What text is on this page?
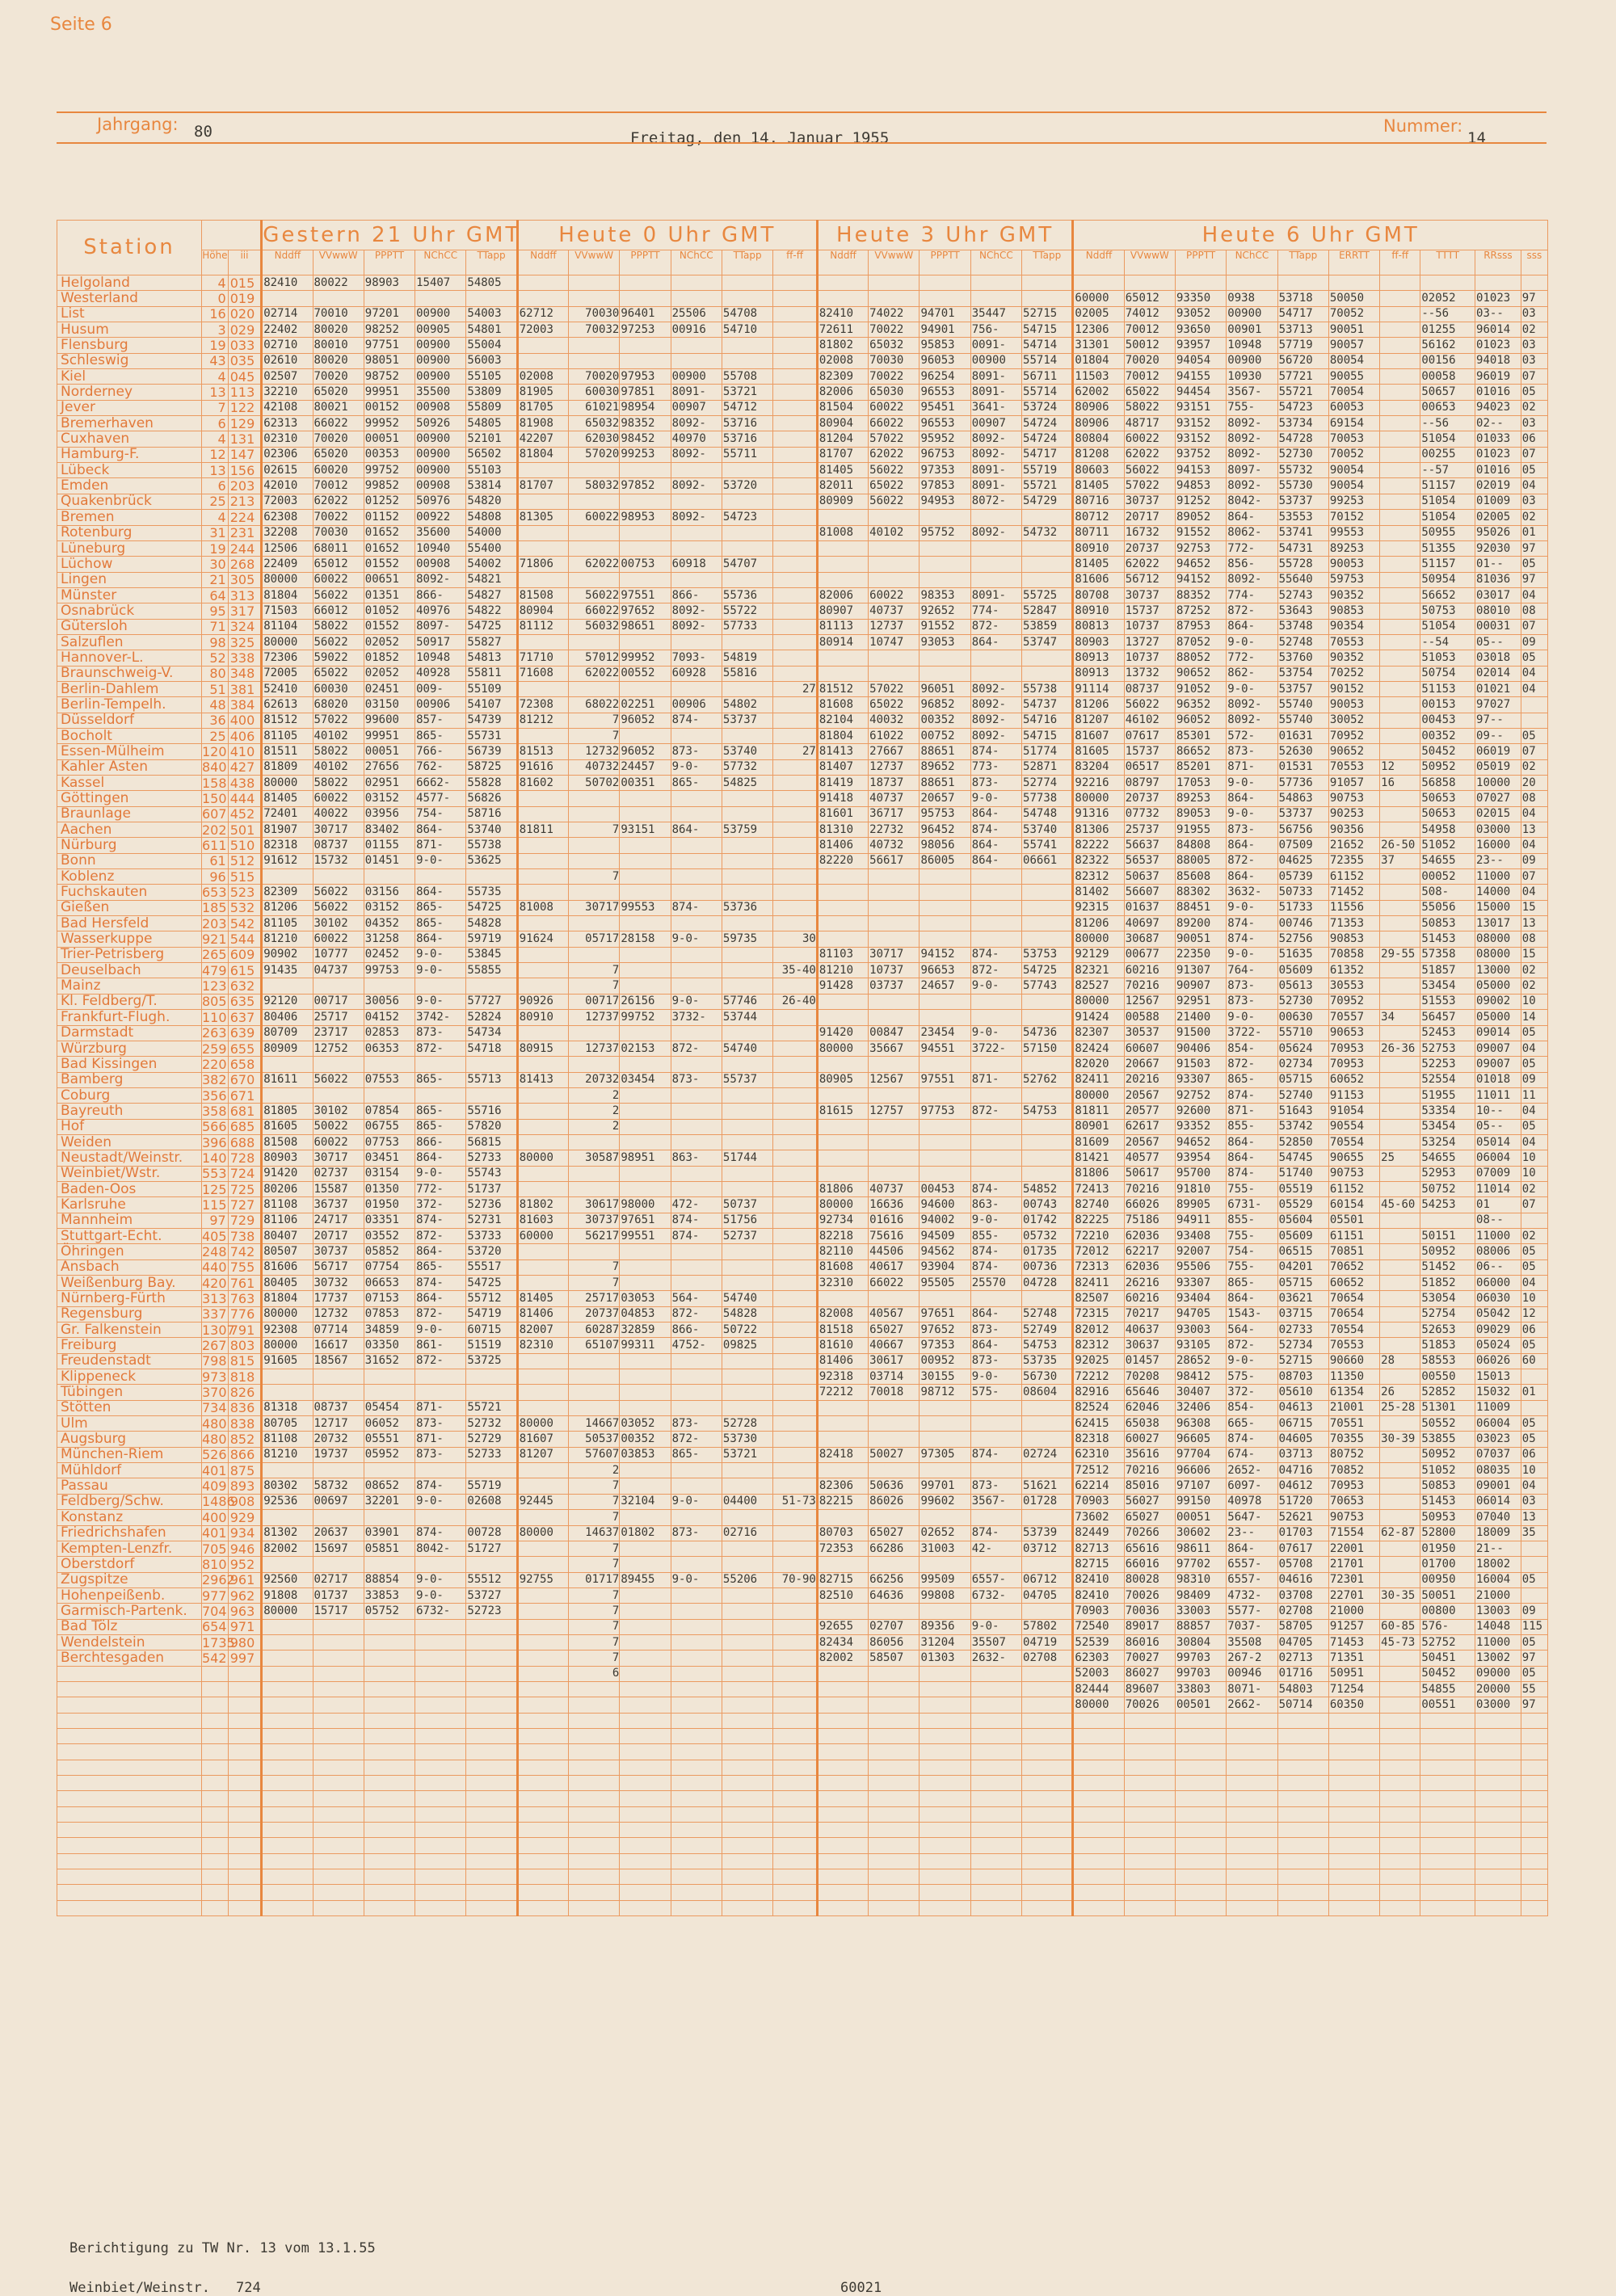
Seite 6
Jahrgang: 80	Freitag, den 14. Januar 1955
Nummer:
14
Station			Gestern 21 Uhr GMT					Heute 0 Uhr GMT						Heute 3 Uhr GMT					Heute 6 Uhr GMT									
	Höhe	iii	Nddff	VVwwW	PPPTT	NChCC	TTapp	Nddff	VVwwW	PPPTT	NChCC	TTapp	ff-ff	Nddff	VVwwW	PPPTT	NChCC	TTapp	Nddff	VVwwW	PPPTT	NChCC	TTapp	ERRTT	ff-ff	TTTT	RRsss	sss
Helgoland	4	015	82410	80022	98903	15407	54805																					
Westerland	0	019																	60000	65012	93350	0938	53718	50050		02052	01023	97
List	16	020	02714	70010	97201	00900	54003	62712	70030	96401	25506	54708		82410	74022	94701	35447	52715	02005	74012	93052	00900	54717	70052		--56	03--	03
Husum	3	029	22402	80020	98252	00905	54801	72003	70032	97253	00916	54710		72611	70022	94901	756-	54715	12306	70012	93650	00901	53713	90051		01255	96014	02
Flensburg	19	033	02710	80010	97751	00900	55004							81802	65032	95853	0091-	54714	31301	50012	93957	10948	57719	90057		56162	01023	03
Schleswig	43	035	02610	80020	98051	00900	56003							02008	70030	96053	00900	55714	01804	70020	94054	00900	56720	80054		00156	94018	03
Kiel	4	045	02507	70020	98752	00900	55105	02008	70020	97953	00900	55708		82309	70022	96254	8091-	56711	11503	70012	94155	10930	57721	90055		00058	96019	07
Norderney	13	113	32210	65020	99951	35500	53809	81905	60030	97851	8091-	53721		82006	65030	96553	8091-	55714	62002	65022	94454	3567-	55721	70054		50657	01016	05
Jever	7	122	42108	80021	00152	00908	55809	81705	61021	98954	00907	54712		81504	60022	95451	3641-	53724	80906	58022	93151	755-	54723	60053		00653	94023	02
Bremerhaven	6	129	62313	66022	99952	50926	54805	81908	65032	98352	8092-	53716		80904	66022	96553	00907	54724	80906	48717	93152	8092-	53734	69154		--56	02--	03
Cuxhaven	4	131	02310	70020	00051	00900	52101	42207	62030	98452	40970	53716		81204	57022	95952	8092-	54724	80804	60022	93152	8092-	54728	70053		51054	01033	06
Hamburg-F.	12	147	02306	65020	00353	00900	56502	81804	57020	99253	8092-	55711		81707	62022	96753	8092-	54717	81208	62022	93752	8092-	52730	70052		00255	01023	07
Lübeck	13	156	02615	60020	99752	00900	55103							81405	56022	97353	8091-	55719	80603	56022	94153	8097-	55732	90054		--57	01016	05
Emden	6	203	42010	70012	99852	00908	53814	81707	58032	97852	8092-	53720		82011	65022	97853	8091-	55721	81405	57022	94853	8092-	55730	90054		51157	02019	04
Quakenbrück	25	213	72003	62022	01252	50976	54820							80909	56022	94953	8072-	54729	80716	30737	91252	8042-	53737	99253		51054	01009	03
Bremen	4	224	62308	70022	01152	00922	54808	81305	60022	98953	8092-	54723							80712	20717	89052	864-	53553	70152		51054	02005	02
Rotenburg	31	231	32208	70030	01652	35600	54000							81008	40102	95752	8092-	54732	80711	16732	91552	8062-	53741	99553		50955	95026	01
Lüneburg	19	244	12506	68011	01652	10940	55400												80910	20737	92753	772-	54731	89253		51355	92030	97
Lüchow	30	268	22409	65012	01552	00908	54002	71806	62022	00753	60918	54707							81405	62022	94652	856-	55728	90053		51157	01--	05
Lingen	21	305	80000	60022	00651	8092-	54821												81606	56712	94152	8092-	55640	59753		50954	81036	97
Münster	64	313	81804	56022	01351	866-	54827	81508	56022	97551	866-	55736		82006	60022	98353	8091-	55725	80708	30737	88352	774-	52743	90352		56652	03017	04
Osnabrück	95	317	71503	66012	01052	40976	54822	80904	66022	97652	8092-	55722		80907	40737	92652	774-	52847	80910	15737	87252	872-	53643	90853		50753	08010	08
Gütersloh	71	324	81104	58022	01552	8097-	54725	81112	56032	98651	8092-	57733		81113	12737	91552	872-	53859	80813	10737	87953	864-	53748	90354		51054	00031	07
Salzuflen	98	325	80000	56022	02052	50917	55827							80914	10747	93053	864-	53747	80903	13727	87052	9-0-	52748	70553		--54	05--	09
Hannover-L.	52	338	72306	59022	01852	10948	54813	71710	57012	99952	7093-	54819							80913	10737	88052	772-	53760	90352		51053	03018	05
Braunschweig-V.	80	348	72005	65022	02052	40928	55811	71608	62022	00552	60928	55816							80913	13732	90652	862-	53754	70252		50754	02014	04
Berlin-Dahlem	51	381	52410	60030	02451	009-	55109						27	81512	57022	96051	8092-	55738	91114	08737	91052	9-0-	53757	90152		51153	01021	04
Berlin-Tempelh.	48	384	62613	68020	03150	00906	54107	72308	68022	02251	00906	54802		81608	65022	96852	8092-	54737	81206	56022	96352	8092-	55740	90053		00153	97027	
Düsseldorf	36	400	81512	57022	99600	857-	54739	81212	7	96052	874-	53737		82104	40032	00352	8092-	54716	81207	46102	96052	8092-	55740	30052		00453	97--	
Bocholt	25	406	81105	40102	99951	865-	55731		7					81804	61022	00752	8092-	54715	81607	07617	85301	572-	01631	70952		00352	09--	05
Essen-Mülheim	120	410	81511	58022	00051	766-	56739	81513	12732	96052	873-	53740	27	81413	27667	88651	874-	51774	81605	15737	86652	873-	52630	90652		50452	06019	07
Kahler Asten	840	427	81809	40102	27656	762-	58725	91616	40732	24457	9-0-	57732		81407	12737	89652	773-	52871	83204	06517	85201	871-	01531	70553	12	50952	05019	02
Kassel	158	438	80000	58022	02951	6662-	55828	81602	50702	00351	865-	54825		81419	18737	88651	873-	52774	92216	08797	17053	9-0-	57736	91057	16	56858	10000	20
Göttingen	150	444	81405	60022	03152	4577-	56826							91418	40737	20657	9-0-	57738	80000	20737	89253	864-	54863	90753		50653	07027	08
Braunlage	607	452	72401	40022	03956	754-	58716							81601	36717	95753	864-	54748	91316	07732	89053	9-0-	53737	90253		50653	02015	04
Aachen	202	501	81907	30717	83402	864-	53740	81811	7	93151	864-	53759		81310	22732	96452	874-	53740	81306	25737	91955	873-	56756	90356		54958	03000	13
Nürburg	611	510	82318	08737	01155	871-	55738							81406	40732	98056	864-	55741	82222	56637	84808	864-	07509	21652	26-50	51052	16000	04
Bonn	61	512	91612	15732	01451	9-0-	53625							82220	56617	86005	864-	06661	82322	56537	88005	872-	04625	72355	37	54655	23--	09
Koblenz	96	515							7										82312	50637	85608	864-	05739	61152		00052	11000	07
Fuchskauten	653	523	82309	56022	03156	864-	55735												81402	56607	88302	3632-	50733	71452		508-	14000	04
Gießen	185	532	81206	56022	03152	865-	54725	81008	30717	99553	874-	53736							92315	01637	88451	9-0-	51733	11556		55056	15000	15
Bad Hersfeld	203	542	81105	30102	04352	865-	54828												81206	40697	89200	874-	00746	71353		50853	13017	13
Wasserkuppe	921	544	81210	60022	31258	864-	59719	91624	05717	28158	9-0-	59735	30						80000	30687	90051	874-	52756	90853		51453	08000	08
Trier-Petrisberg	265	609	90902	10777	02452	9-0-	53845							81103	30717	94152	874-	53753	92129	00677	22350	9-0-	51635	70858	29-55	57358	08000	15
Deuselbach	479	615	91435	04737	99753	9-0-	55855		7				35-40	81210	10737	96653	872-	54725	82321	60216	91307	764-	05609	61352		51857	13000	02
Mainz	123	632							7					91428	03737	24657	9-0-	57743	82527	70216	90907	873-	05613	30553		53454	05000	02
Kl. Feldberg/T.	805	635	92120	00717	30056	9-0-	57727	90926	00717	26156	9-0-	57746	26-40						80000	12567	92951	873-	52730	70952		51553	09002	10
Frankfurt-Flugh.	110	637	80406	25717	04152	3742-	52824	80910	12737	99752	3732-	53744							91424	00588	21400	9-0-	00630	70557	34	56457	05000	14
Darmstadt	263	639	80709	23717	02853	873-	54734							91420	00847	23454	9-0-	54736	82307	30537	91500	3722-	55710	90653		52453	09014	05
Würzburg	259	655	80909	12752	06353	872-	54718	80915	12737	02153	872-	54740		80000	35667	94551	3722-	57150	82424	60607	90406	854-	05624	70953	26-36	52753	09007	04
Bad Kissingen	220	658																	82020	20667	91503	872-	02734	70953		52253	09007	05
Bamberg	382	670	81611	56022	07553	865-	55713	81413	20732	03454	873-	55737		80905	12567	97551	871-	52762	82411	20216	93307	865-	05715	60652		52554	01018	09
Coburg	356	671							2										80000	20567	92752	874-	52740	91153		51955	11011	11
Bayreuth	358	681	81805	30102	07854	865-	55716		2					81615	12757	97753	872-	54753	81811	20577	92600	871-	51643	91054		53354	10--	04
Hof	566	685	81605	50022	06755	865-	57820		2										80901	62617	93352	855-	53742	90554		53454	05--	05
Weiden	396	688	81508	60022	07753	866-	56815												81609	20567	94652	864-	52850	70554		53254	05014	04
Neustadt/Weinstr.	140	728	80903	30717	03451	864-	52733	80000	30587	98951	863-	51744							81421	40577	93954	864-	54745	90655	25	54655	06004	10
Weinbiet/Wstr.	553	724	91420	02737	03154	9-0-	55743												81806	50617	95700	874-	51740	90753		52953	07009	10
Baden-Oos	125	725	80206	15587	01350	772-	51737							81806	40737	00453	874-	54852	72413	70216	91810	755-	05519	61152		50752	11014	02
Karlsruhe	115	727	81108	36737	01950	372-	52736	81802	30617	98000	472-	50737		80000	16636	94600	863-	00743	82740	66026	89905	6731-	05529	60154	45-60	54253	01	07
Mannheim	97	729	81106	24717	03351	874-	52731	81603	30737	97651	874-	51756		92734	01616	94002	9-0-	01742	82225	75186	94911	855-	05604	05501			08--	
Stuttgart-Echt.	405	738	80407	20717	03552	872-	53733	60000	56217	99551	874-	52737		82218	75616	94509	855-	05732	72210	62036	93408	755-	05609	61151		50151	11000	02
Öhringen	248	742	80507	30737	05852	864-	53720							82110	44506	94562	874-	01735	72012	62217	92007	754-	06515	70851		50952	08006	05
Ansbach	440	755	81606	56717	07754	865-	55517		7					81608	40617	93904	874-	00736	72313	62036	95506	755-	04201	70652		51452	06--	05
Weißenburg Bay.	420	761	80405	30732	06653	874-	54725		7					32310	66022	95505	25570	04728	82411	26216	93307	865-	05715	60652		51852	06000	04
Nürnberg-Fürth	313	763	81804	17737	07153	864-	55712	81405	25717	03053	564-	54740							82507	60216	93404	864-	03621	70654		53054	06030	10
Regensburg	337	776	80000	12732	07853	872-	54719	81406	20737	04853	872-	54828		82008	40567	97651	864-	52748	72315	70217	94705	1543-	03715	70654		52754	05042	12
Gr. Falkenstein	1307	791	92308	07714	34859	9-0-	60715	82007	60287	32859	866-	50722		81518	65027	97652	873-	52749	82012	40637	93003	564-	02733	70554		52653	09029	06
Freiburg	267	803	80000	16617	03350	861-	51519	82310	65107	99311	4752-	09825		81610	40667	97353	864-	54753	82312	30637	93105	872-	52734	70553		51853	05024	05
Freudenstadt	798	815	91605	18567	31652	872-	53725							81406	30617	00952	873-	53735	92025	01457	28652	9-0-	52715	90660	28	58553	06026	60
Klippeneck	973	818												92318	03714	30155	9-0-	56730	72212	70208	98412	575-	08703	11350		00550	15013	
Tübingen	370	826												72212	70018	98712	575-	08604	82916	65646	30407	372-	05610	61354	26	52852	15032	01
Stötten	734	836	81318	08737	05454	871-	55721												82524	62046	32406	854-	04613	21001	25-28	51301	11009	
Ulm	480	838	80705	12717	06052	873-	52732	80000	14667	03052	873-	52728							62415	65038	96308	665-	06715	70551		50552	06004	05
Augsburg	480	852	81108	20732	05551	871-	52729	81607	50537	00352	872-	53730							82318	60027	96605	874-	04605	70355	30-39	53855	03023	05
München-Riem	526	866	81210	19737	05952	873-	52733	81207	57607	03853	865-	53721		82418	50027	97305	874-	02724	62310	35616	97704	674-	03713	80752		50952	07037	06
Mühldorf	401	875							2										72512	70216	96606	2652-	04716	70852		51052	08035	10
Passau	409	893	80302	58732	08652	874-	55719		7					82306	50636	99701	873-	51621	62214	85016	97107	6097-	04612	70953		50853	09001	04
Feldberg/Schw.	1486	908	92536	00697	32201	9-0-	02608	92445	7	32104	9-0-	04400	51-73	82215	86026	99602	3567-	01728	70903	56027	99150	40978	51720	70653		51453	06014	03
Konstanz	400	929							7										73602	65027	00051	5647-	52621	90753		50953	07040	13
Friedrichshafen	401	934	81302	20637	03901	874-	00728	80000	14637	01802	873-	02716		80703	65027	02652	874-	53739	82449	70266	30602	23--	01703	71554	62-87	52800	18009	35
Kempten-Lenzfr.	705	946	82002	15697	05851	8042-	51727		7					72353	66286	31003	42-	03712	82713	65616	98611	864-	07617	22001		01950	21--	
Oberstdorf	810	952							7										82715	66016	97702	6557-	05708	21701		01700	18002	
Zugspitze	2962	961	92560	02717	88854	9-0-	55512	92755	01717	89455	9-0-	55206	70-90	82715	66256	99509	6557-	06712	82410	80028	98310	6557-	04616	72301		00950	16004	05
Hohenpeißenb.	977	962	91808	01737	33853	9-0-	53727		7					82510	64636	99808	6732-	04705	82410	70026	98409	4732-	03708	22701	30-35	50051	21000	
Garmisch-Partenk.	704	963	80000	15717	05752	6732-	52723		7										70903	70036	33003	5577-	02708	21000		00800	13003	09
Bad Tölz	654	971							7					92655	02707	89356	9-0-	57802	72540	89017	88857	7037-	58705	91257	60-85	576-	14048	115
Wendelstein	1735	980							7					82434	86056	31204	35507	04719	52539	86016	30804	35508	04705	71453	45-73	52752	11000	05
Berchtesgaden	542	997							7					82002	58507	01303	2632-	02708	62303	70027	99703	267-2	02713	71351		50451	13002	97
									6										52003	86027	99703	00946	01716	50951		50452	09000	05
																			82444	89607	33803	8071-	54803	71254		54855	20000	55
																			80000	70026	00501	2662-	50714	60350		00551	03000	97

Berichtigung zu TW Nr. 13 vom 13.1.55
Weinbiet/Weinstr. 724	60021
